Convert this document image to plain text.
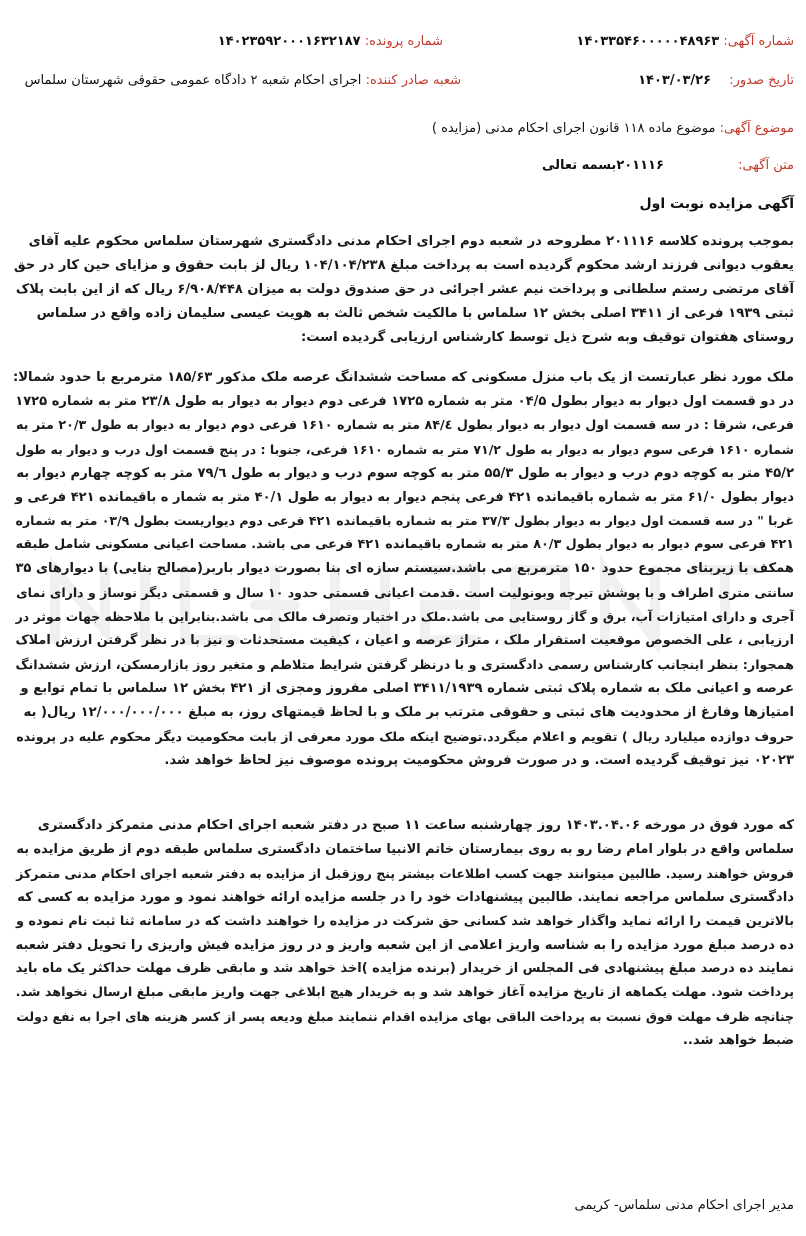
شماره آگهی: ۱۴۰۳۳۵۴۶۰۰۰۰۰۴۸۹۶۳
شماره پرونده: ۱۴۰۲۳۵۹۲۰۰۰۱۶۳۲۱۸۷
تاریخ صدور: ۱۴۰۳/۰۳/۲۶
شعبه صادر کننده: اجرای احکام شعبه ۲ دادگاه عمومی حقوقی شهرستان سلماس
موضوع آگهی: موضوع ماده ۱۱۸ قانون اجرای احکام مدنی (مزایده )
متن آگهی: ۲۰۱۱۱۶بسمه تعالی
آگهی مزایده نوبت اول
بموجب پرونده کلاسه ۲۰۱۱۱۶ مطروحه در شعبه دوم اجرای احکام مدنی دادگستری شهرستان سلماس محکوم علیه آقای
یعقوب دیوانی فرزند ارشد محکوم گردیده است به پرداخت مبلغ ۱۰۴/۱۰۴/۲۳۸ ریال لز بابت حقوق و مزایای حین کار در حق
آقای مرتضی رستم سلطانی و پرداخت نیم عشر اجرائی در حق صندوق دولت به میزان ۶/۹۰۸/۴۴۸ ریال که از این بابت پلاک
ثبتی ۱۹۳۹ فرعی از ۳۴۱۱ اصلی بخش ۱۲ سلماس با مالکیت شخص ثالث به هویت عیسی سلیمان زاده واقع در سلماس
روستای هفتوان توقیف وبه شرح ذیل توسط کارشناس ارزیابی گردیده است:
ملک مورد نظر عبارتست از یک باب منزل مسکونی که مساحت ششدانگ عرصه ملک مذکور ۱۸۵/۶۳ مترمربع با حدود شمالا:
در دو قسمت اول دیوار به دیوار بطول ۰۴/۵ متر به شماره ۱۷۲۵ فرعی دوم دیوار به دیوار به طول ۲۳/۸ متر به شماره ۱۷۲۵
فرعی، شرقا : در سه قسمت اول دیوار به دیوار بطول ۸۴/٤ متر به شماره ۱۶۱۰ فرعی دوم دیوار به دیوار به طول ۲۰/۳ متر به
شماره ۱۶۱۰ فرعی سوم دیوار به دیوار به طول ۷۱/۲ متر به شماره ۱۶۱۰ فرعی، جنوبا : در پنج قسمت اول درب و دیوار به طول
۴۵/۲ متر به کوچه دوم درب و دیوار به طول ۵۵/۳ متر به کوچه سوم درب و دیوار به طول ۷۹/٦ متر به کوچه چهارم دیوار به
دیوار بطول ۶۱/۰ متر به شماره باقیمانده ۴۲۱ فرعی پنجم دیوار به دیوار به طول ۴۰/۱ متر به شمار ه باقیمانده ۴۲۱ فرعی و
غربا " در سه قسمت اول دیوار به دیوار بطول ۳۷/۳ متر به شماره باقیمانده ۴۲۱ فرعی دوم دیواریست بطول ۰۳/۹ متر به شماره
۴۲۱ فرعی سوم دیوار به دیوار بطول ۸۰/۳ متر به شماره باقیمانده ۴۲۱ فرعی می باشد. مساحت اعیانی مسکونی شامل طبقه
همکف با زیربنای مجموع حدود ۱۵۰ مترمربع می باشد.سیستم سازه ای بنا بصورت دیوار باربر(مصالح بنایی) با دیوارهای ۳۵
سانتی متری اطراف و با پوشش تیرچه وبونولیت است .قدمت اعیانی قسمتی حدود ۱۰ سال و قسمتی دیگر نوساز و دارای نمای
آجری و دارای امتیازات آب، برق و گاز روستایی می باشد.ملک در اختیار وتصرف مالک می باشد.بنابراین با ملاحظه جهات موثر در
ارزیابی ، علی الخصوص موقعیت استقرار ملک ، متراژ عرصه و اعیان ، کیفیت مستحدثات و نیز با در نظر گرفتن ارزش املاک
همجوار: بنظر اینجانب کارشناس رسمی دادگستری و با درنظر گرفتن شرایط متلاطم و متغیر روز بازارمسکن، ارزش ششدانگ
عرصه و اعیانی ملک به شماره پلاک ثبتی شماره ۳۴۱۱/۱۹۳۹ اصلی مفروز ومجزی از ۴۲۱ بخش ۱۲ سلماس با تمام توابع و
امتیازها وفارغ از محدودیت های ثبتی و حقوقی مترتب بر ملک و با لحاظ قیمتهای روز، به مبلغ ۱۲/۰۰۰/۰۰۰/۰۰۰ ریال( به
حروف دوازده میلیارد ریال ) تقویم و اعلام میگردد.توضیح اینکه ملک مورد معرفی از بابت محکومیت دیگر محکوم علیه در پرونده
۰۲۰۲۳ نیز توقیف گردیده است. و در صورت فروش محکومیت پرونده موصوف نیز لحاظ خواهد شد.
که مورد فوق در مورخه ۱۴۰۳.۰۴.۰۶ روز چهارشنبه ساعت ۱۱ صبح در دفتر شعبه اجرای احکام مدنی متمرکز دادگستری
سلماس واقع در بلوار امام رضا رو به روی بیمارستان خاتم الانبیا ساختمان دادگستری سلماس طبقه دوم از طریق مزایده به
فروش خواهند رسید. طالبین میتوانند جهت کسب اطلاعات بیشتر پنج روزقبل از مزایده به دفتر شعبه اجرای احکام مدنی متمرکز
دادگستری سلماس مراجعه نمایند. طالبین پیشنهادات خود را در جلسه مزایده ارائه خواهند نمود و مورد مزایده به کسی که
بالاترین قیمت را ارائه نماید واگذار خواهد شد کسانی حق شرکت در مزایده را خواهند داشت که در سامانه ثنا ثبت نام نموده و
ده درصد مبلغ مورد مزایده را به شناسه واریز اعلامی از این شعبه واریز و در روز مزایده فیش واریزی را تحویل دفتر شعبه
نمایند ده درصد مبلغ پیشنهادی فی المجلس از خریدار (برنده مزایده )اخذ خواهد شد و مابقی ظرف مهلت حداکثر یک ماه باید
پرداخت شود. مهلت یکماهه از تاریخ مزایده آغاز خواهد شد و به خریدار هیچ ابلاغی جهت واریز مابقی مبلغ ارسال نخواهد شد.
چنانچه ظرف مهلت فوق نسبت به پرداخت الباقی بهای مزایده اقدام ننمایند مبلغ ودیعه پسر از کسر هزینه های اجرا به نفع دولت
ضبط خواهد شد..
مدیر اجرای احکام مدنی سلماس- کریمی
